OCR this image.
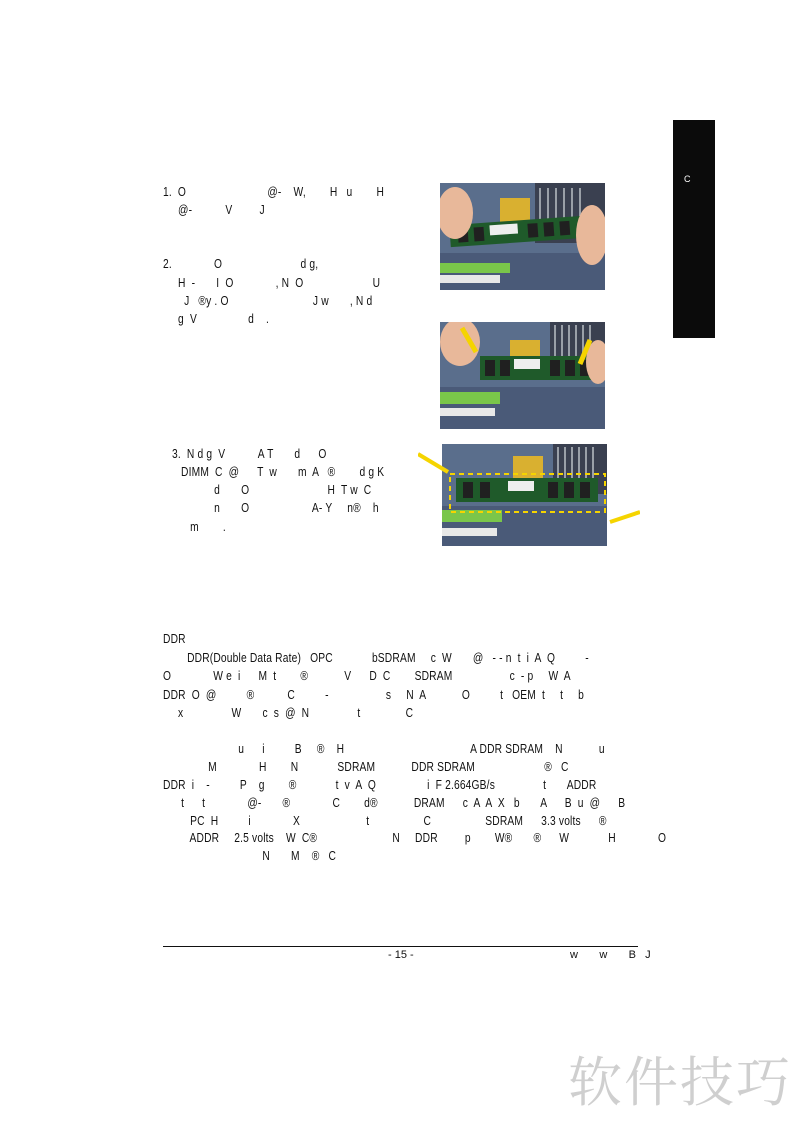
C
1.  O                           @-    W,        H   u        H
@-           V         J
2.              O                          d g,
H  -       I  O              , N  O                       U
J   ®y . O                            J w       , N d
g  V                 d    .
3.  N d g  V           A T       d      O
DIMM  C  @      T  w       m  A   ®        d g K
d       O                          H  T w  C
n       O                     A- Y     n®    h
m        .
DDR
DDR(Double Data Rate)   OPC             bSDRAM     c  W       @   - - n  t  i  A  Q          -
O              W e  i      M  t        ®            V      D  C        SDRAM                   c  - p     W  A
DDR  O  @          ®           C          -                   s     N  A            O          t   OEM  t     t     b
x                W       c  s  @  N                t               C
u      i          B     ®    H                                          A DDR SDRAM    N            u
M              H        N             SDRAM            DDR SDRAM                       ®   C
DDR  i    -          P    g        ®             t  v  A  Q                 i  F 2.664GB/s                t       ADDR
t      t              @-       ®              C        d®            DRAM      c  A  A  X   b       A      B  u  @      B
PC  H          i              X                      t                  C                  SDRAM      3.3 volts      ®
ADDR     2.5 volts    W  C®                         N     DDR         p        W®       ®      W             H              O
N       M    ®   C
- 15 -	w       w       B   J
软件技巧
